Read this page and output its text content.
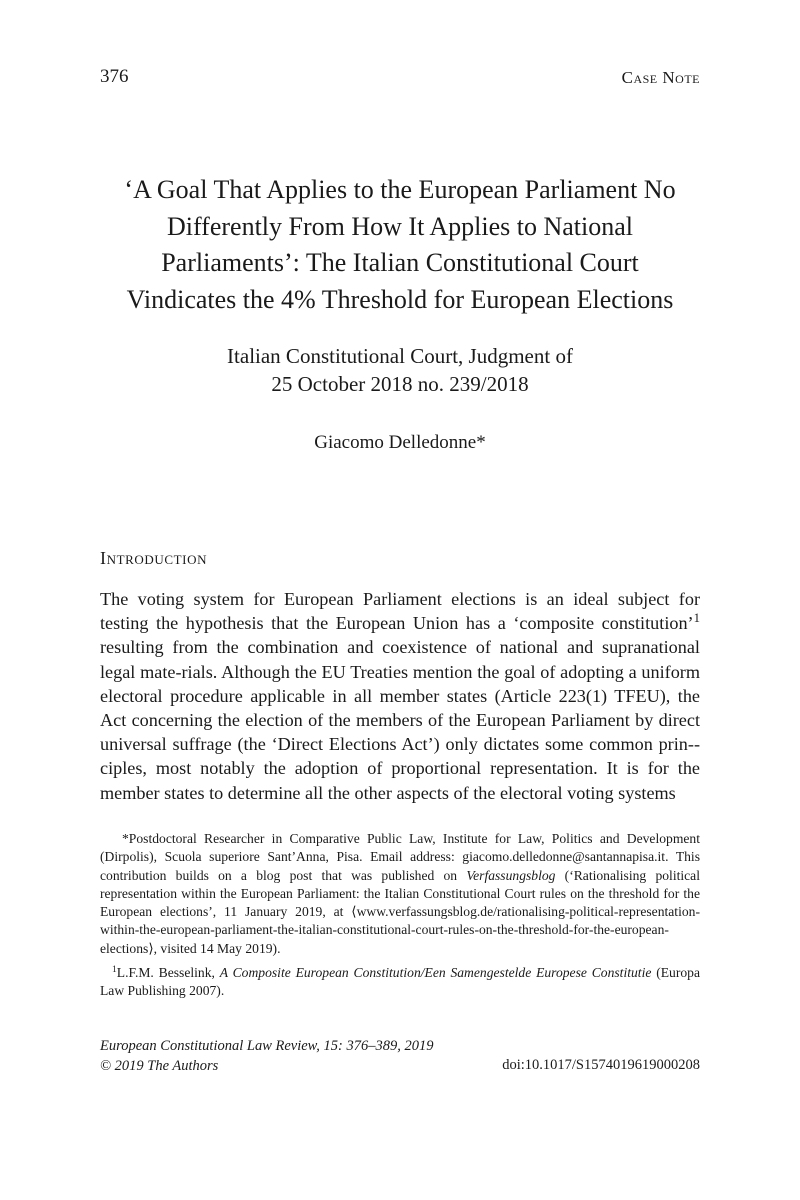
376	Case Note
‘A Goal That Applies to the European Parliament No
Differently From How It Applies to National
Parliaments’: The Italian Constitutional Court
Vindicates the 4% Threshold for European Elections
Italian Constitutional Court, Judgment of
25 October 2018 no. 239/2018
Giacomo Delledonne*
Introduction
The voting system for European Parliament elections is an ideal subject for testing the hypothesis that the European Union has a ‘composite constitution’$^1$ resulting from the combination and coexistence of national and supranational legal mate-rials. Although the EU Treaties mention the goal of adopting a uniform electoral procedure applicable in all member states (Article 223(1) TFEU), the Act concerning the election of the members of the European Parliament by direct universal suffrage (the ‘Direct Elections Act’) only dictates some common prin-ciples, most notably the adoption of proportional representation. It is for the member states to determine all the other aspects of the electoral voting systems
*Postdoctoral Researcher in Comparative Public Law, Institute for Law, Politics and Development (Dirpolis), Scuola superiore Sant’Anna, Pisa. Email address: giacomo.delledonne@santannapisa.it. This contribution builds on a blog post that was published on Verfassungsblog (‘Rationalising political representation within the European Parliament: the Italian Constitutional Court rules on the threshold for the European elections’, 11 January 2019, at ⟨www.verfassungsblog.de/rationalising-political-representation-within-the-european-parliament-the-italian-constitutional-court-rules-on-the-threshold-for-the-european-elections⟩, visited 14 May 2019).
$^1$L.F.M. Besselink, A Composite European Constitution/Een Samengestelde Europese Constitutie (Europa Law Publishing 2007).
European Constitutional Law Review, 15: 376–389, 2019
© 2019 The Authors	doi:10.1017/S1574019619000208
